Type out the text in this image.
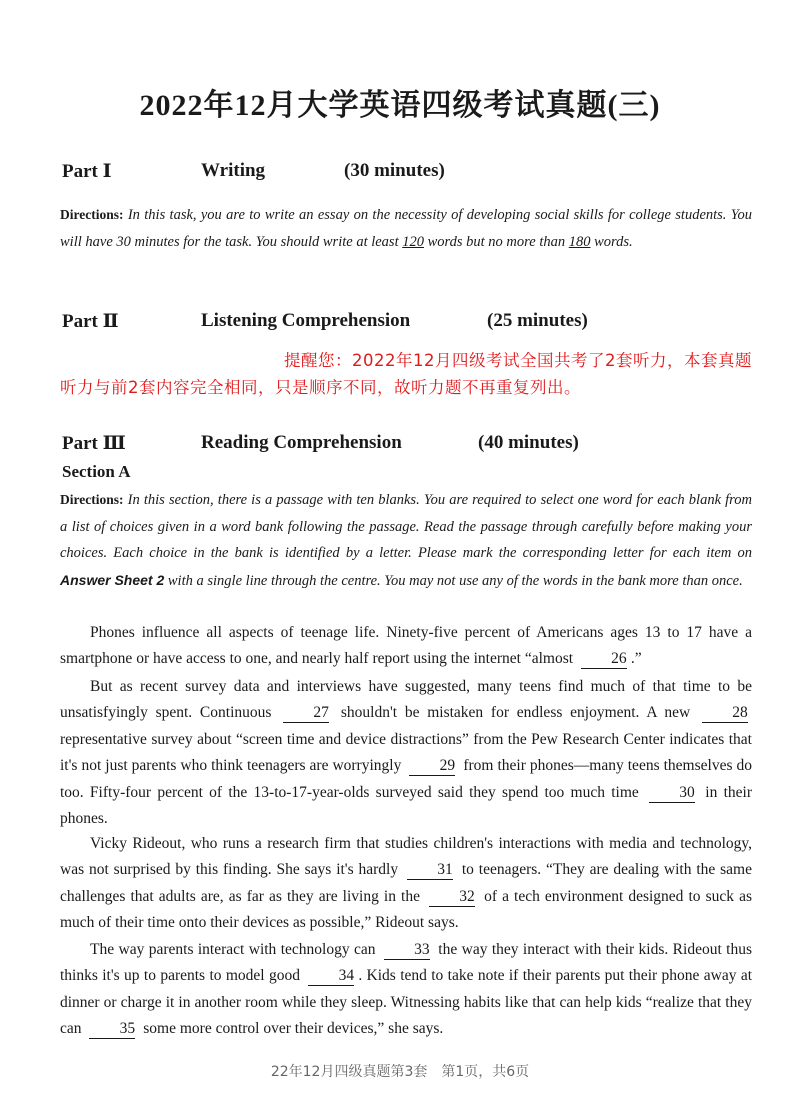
2022年12月大学英语四级考试真题(三)
Part Ⅰ	Writing	(30 minutes)
Directions: In this task, you are to write an essay on the necessity of developing social skills for college students. You will have 30 minutes for the task. You should write at least 120 words but no more than 180 words.
Part Ⅱ	Listening Comprehension	(25 minutes)
提醒您：2022年12月四级考试全国共考了2套听力，本套真题
听力与前2套内容完全相同，只是顺序不同，故听力题不再重复列出。
Part Ⅲ	Reading Comprehension	(40 minutes)
Section A
Directions: In this section, there is a passage with ten blanks. You are required to select one word for each blank from a list of choices given in a word bank following the passage. Read the passage through carefully before making your choices. Each choice in the bank is identified by a letter. Please mark the corresponding letter for each item on Answer Sheet 2 with a single line through the centre. You may not use any of the words in the bank more than once.
Phones influence all aspects of teenage life. Ninety-five percent of Americans ages 13 to 17 have a smartphone or have access to one, and nearly half report using the internet “almost 26 .”
But as recent survey data and interviews have suggested, many teens find much of that time to be unsatisfyingly spent. Continuous 27 shouldn't be mistaken for endless enjoyment. A new 28 representative survey about “screen time and device distractions” from the Pew Research Center indicates that it's not just parents who think teenagers are worryingly 29 from their phones—many teens themselves do too. Fifty-four percent of the 13-to-17-year-olds surveyed said they spend too much time 30 in their phones.
Vicky Rideout, who runs a research firm that studies children's interactions with media and technology, was not surprised by this finding. She says it's hardly 31 to teenagers. “They are dealing with the same challenges that adults are, as far as they are living in the 32 of a tech environment designed to suck as much of their time onto their devices as possible,” Rideout says.
The way parents interact with technology can 33 the way they interact with their kids. Rideout thus thinks it's up to parents to model good 34 . Kids tend to take note if their parents put their phone away at dinner or charge it in another room while they sleep. Witnessing habits like that can help kids “realize that they can 35 some more control over their devices,” she says.
22年12月四级真题第3套　第1页，共6页
